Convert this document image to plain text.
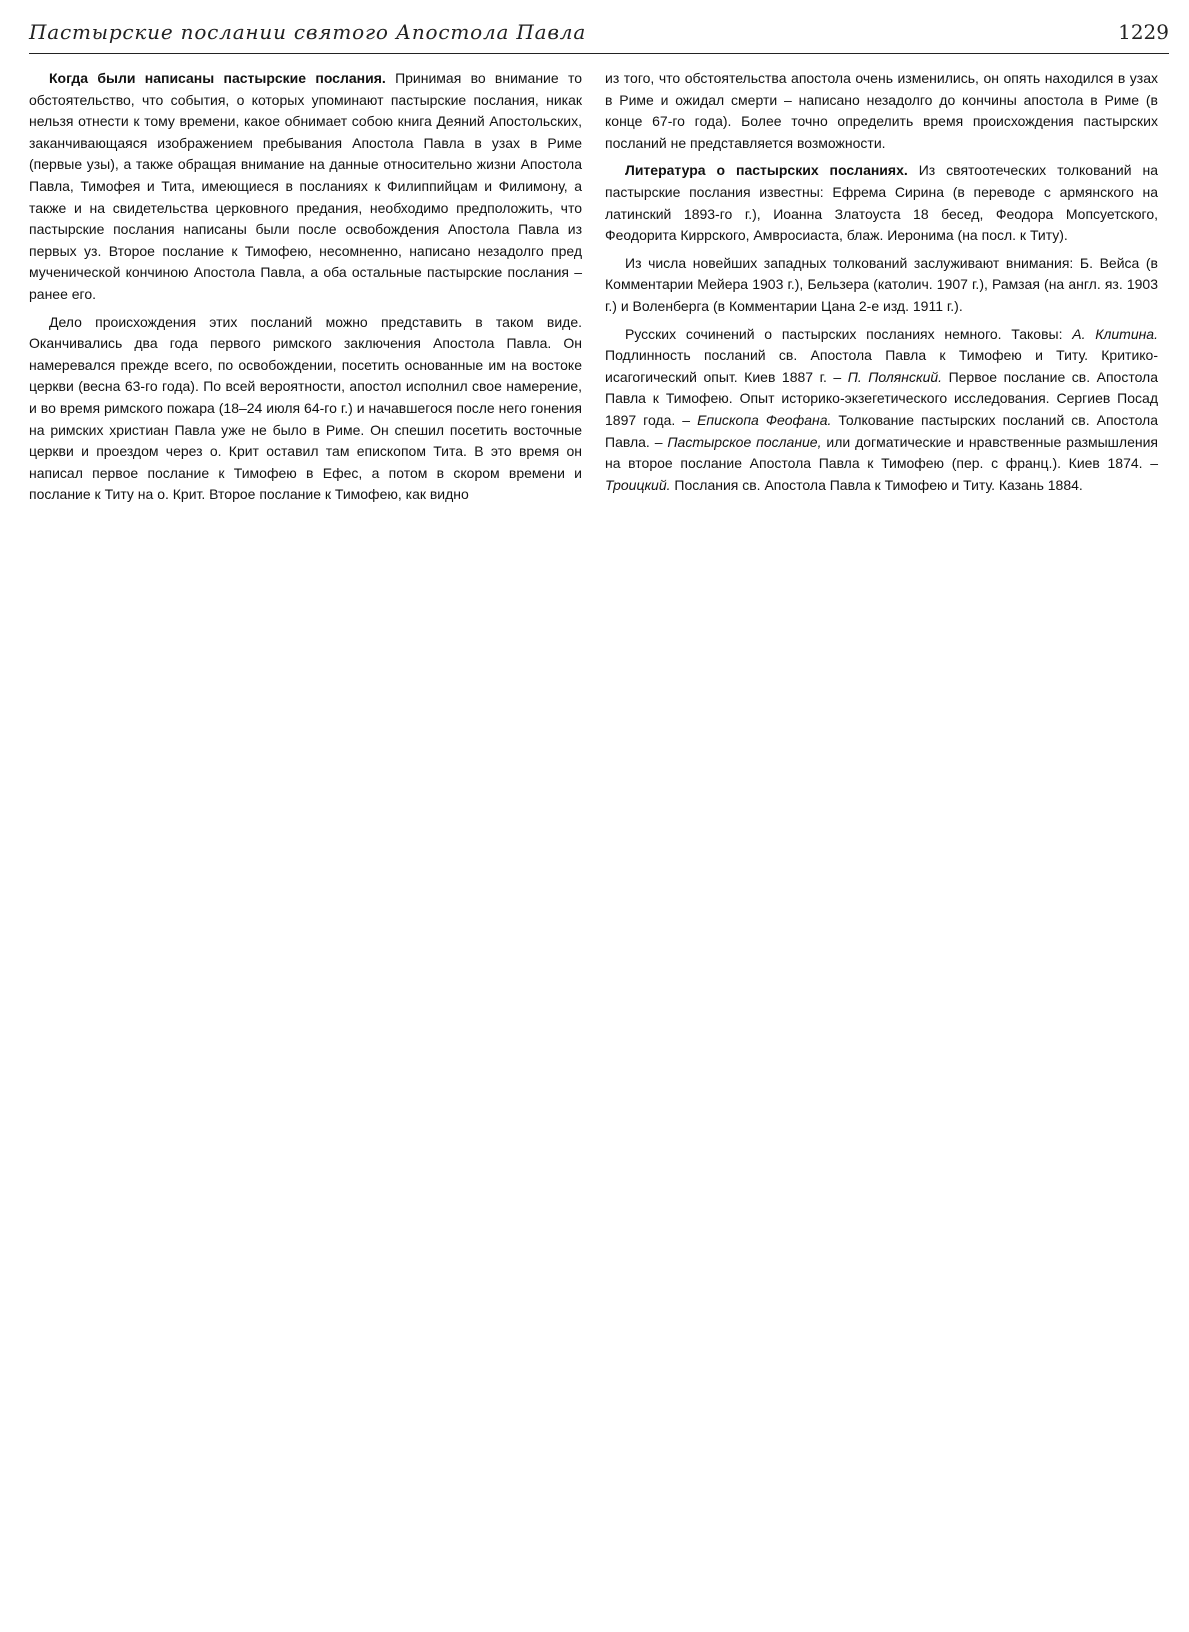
Пастырские послании святого Апостола Павла	1229

Когда были написаны пастырские послания. Принимая во внимание то обстоятельство, что события, о которых упоминают пастырские послания, никак нельзя отнести к тому времени, какое обнимает собою книга Деяний Апостольских, заканчивающаяся изображением пребывания Апостола Павла в узах в Риме (первые узы), а также обращая внимание на данные относительно жизни Апостола Павла, Тимофея и Тита, имеющиеся в посланиях к Филиппийцам и Филимону, а также и на свидетельства церковного предания, необходимо предположить, что пастырские послания написаны были после освобождения Апостола Павла из первых уз. Второе послание к Тимофею, несомненно, написано незадолго пред мученической кончиною Апостола Павла, а оба остальные пастырские послания – ранее его.

Дело происхождения этих посланий можно представить в таком виде. Оканчивались два года первого римского заключения Апостола Павла. Он намеревался прежде всего, по освобождении, посетить основанные им на востоке церкви (весна 63-го года). По всей вероятности, апостол исполнил свое намерение, и во время римского пожара (18–24 июля 64-го г.) и начавшегося после него гонения на римских христиан Павла уже не было в Риме. Он спешил посетить восточные церкви и проездом через о. Крит оставил там епископом Тита. В это время он написал первое послание к Тимофею в Ефес, а потом в скором времени и послание к Титу на о. Крит. Второе послание к Тимофею, как видно

из того, что обстоятельства апостола очень изменились, он опять находился в узах в Риме и ожидал смерти – написано незадолго до кончины апостола в Риме (в конце 67-го года). Более точно определить время происхождения пастырских посланий не представляется возможности.

Литература о пастырских посланиях. Из святоотеческих толкований на пастырские послания известны: Ефрема Сирина (в переводе с армянского на латинский 1893-го г.), Иоанна Златоуста 18 бесед, Феодора Мопсуетского, Феодорита Киррского, Амвросиаста, блаж. Иеронима (на посл. к Титу).

Из числа новейших западных толкований заслуживают внимания: Б. Вейса (в Комментарии Мейера 1903 г.), Бельзера (католич. 1907 г.), Рамзая (на англ. яз. 1903 г.) и Воленберга (в Комментарии Цана 2-е изд. 1911 г.).

Русских сочинений о пастырских посланиях немного. Таковы: А. Клитина. Подлинность посланий св. Апостола Павла к Тимофею и Титу. Критико-исагогический опыт. Киев 1887 г. – П. Полянский. Первое послание св. Апостола Павла к Тимофею. Опыт историко-экзегетического исследования. Сергиев Посад 1897 года. – Епископа Феофана. Толкование пастырских посланий св. Апостола Павла. – Пастырское послание, или догматические и нравственные размышления на второе послание Апостола Павла к Тимофею (пер. с франц.). Киев 1874. – Троицкий. Послания св. Апостола Павла к Тимофею и Титу. Казань 1884.
